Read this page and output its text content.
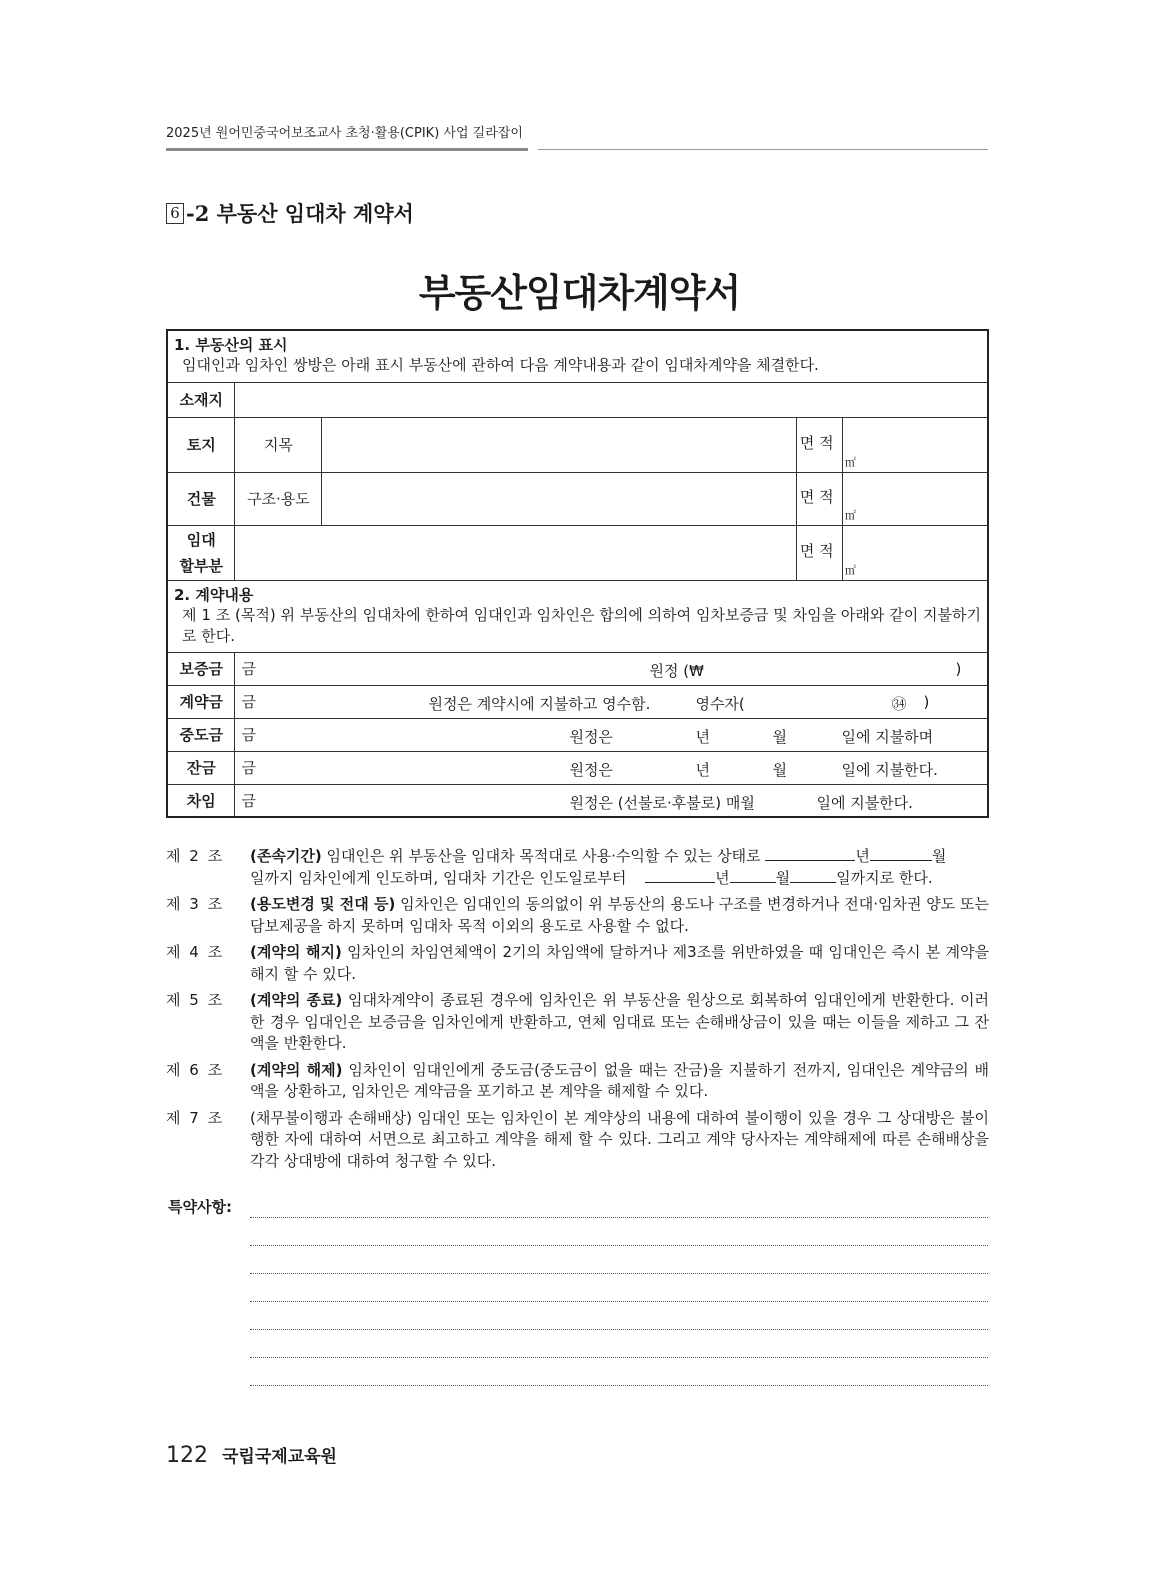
2025년 원어민중국어보조교사 초청·활용(CPIK) 사업 길라잡이
6 -2 부동산 임대차 계약서
부동산임대차계약서
1. 부동산의 표시
임대인과 임차인 쌍방은 아래 표시 부동산에 관하여 다음 계약내용과 같이 임대차계약을 체결한다.				

소재지				
토지	지목		면 적	㎡

건물	구조·용도		면 적	㎡

임대
할부분			면 적	㎡

2. 계약내용
제 1 조 (목적) 위 부동산의 임대차에 한하여 임대인과 임차인은 합의에 의하여 임차보증금 및 차임을 아래와 같이 지불하기로 한다.				

보증금	금 원정 (₩ )			

계약금	금 원정은 계약시에 지불하고 영수함. 영수자( ㉞ )			

중도금	금 원정은 년 월 일에 지불하며			

잔금	금 원정은 년 월 일에 지불한다.			

차임	금 원정은 (선불로·후불로) 매월 일에 지불한다.			
제 2 조	(존속기간) 임대인은 위 부동산을 임대차 목적대로 사용·수익할 수 있는 상태로	년	월
일까지 임차인에게 인도하며, 임대차 기간은 인도일로부터	년	월	일까지로 한다.
제 3 조	(용도변경 및 전대 등) 임차인은 임대인의 동의없이 위 부동산의 용도나 구조를 변경하거나 전대·임차권 양도 또는 담보제공을 하지 못하며 임대차 목적 이외의 용도로 사용할 수 없다.
제 4 조	(계약의 해지) 임차인의 차임연체액이 2기의 차임액에 달하거나 제3조를 위반하였을 때 임대인은 즉시 본 계약을 해지 할 수 있다.
제 5 조	(계약의 종료) 임대차계약이 종료된 경우에 임차인은 위 부동산을 원상으로 회복하여 임대인에게 반환한다. 이러한 경우 임대인은 보증금을 임차인에게 반환하고, 연체 임대료 또는 손해배상금이 있을 때는 이들을 제하고 그 잔액을 반환한다.
제 6 조	(계약의 해제) 임차인이 임대인에게 중도금(중도금이 없을 때는 잔금)을 지불하기 전까지, 임대인은 계약금의 배액을 상환하고, 임차인은 계약금을 포기하고 본 계약을 해제할 수 있다.
제 7 조	(채무불이행과 손해배상) 임대인 또는 임차인이 본 계약상의 내용에 대하여 불이행이 있을 경우 그 상대방은 불이행한 자에 대하여 서면으로 최고하고 계약을 해제 할 수 있다. 그리고 계약 당사자는 계약해제에 따른 손해배상을 각각 상대방에 대하여 청구할 수 있다.
특약사항:
122 국립국제교육원
